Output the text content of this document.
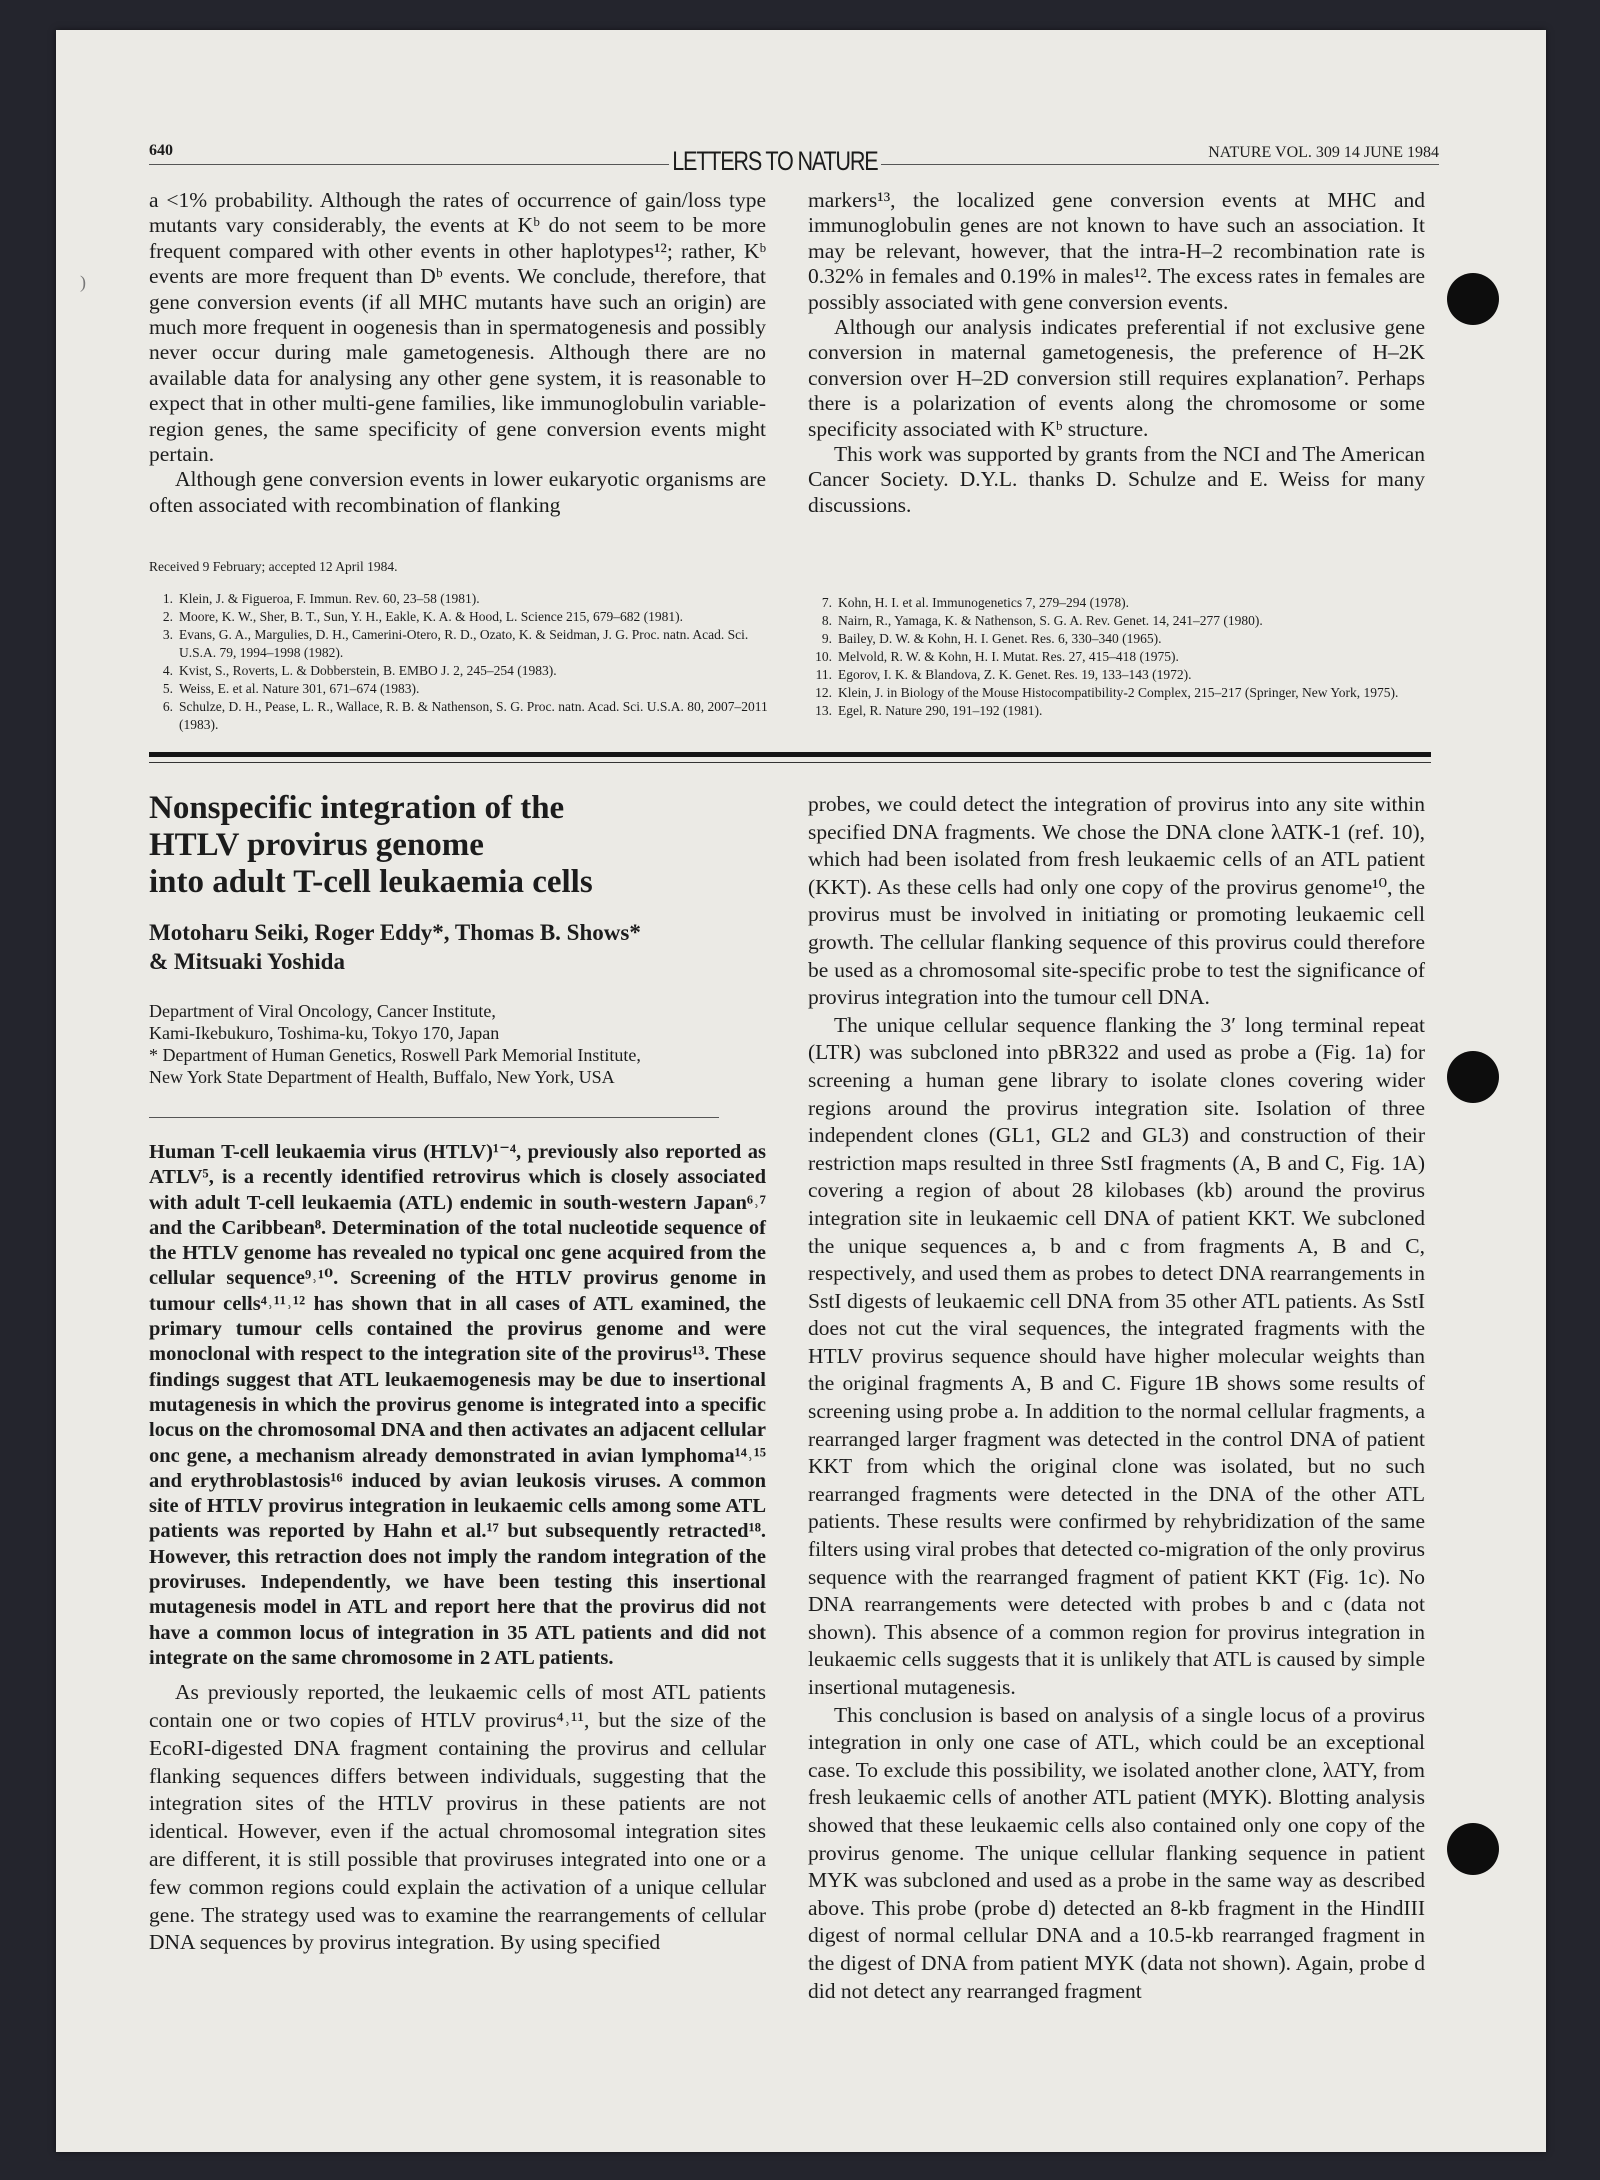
)
640	LETTERS TO NATURE	NATURE VOL. 309 14 JUNE 1984

a <1% probability. Although the rates of occurrence of gain/loss type mutants vary considerably, the events at Kᵇ do not seem to be more frequent compared with other events in other haplotypes¹²; rather, Kᵇ events are more frequent than Dᵇ events. We conclude, therefore, that gene conversion events (if all MHC mutants have such an origin) are much more frequent in oogenesis than in spermatogenesis and possibly never occur during male gametogenesis. Although there are no available data for analysing any other gene system, it is reasonable to expect that in other multi-gene families, like immunoglobulin variable-region genes, the same specificity of gene conversion events might pertain.

Although gene conversion events in lower eukaryotic organisms are often associated with recombination of flanking

markers¹³, the localized gene conversion events at MHC and immunoglobulin genes are not known to have such an association. It may be relevant, however, that the intra-H–2 recombination rate is 0.32% in females and 0.19% in males¹². The excess rates in females are possibly associated with gene conversion events.

Although our analysis indicates preferential if not exclusive gene conversion in maternal gametogenesis, the preference of H–2K conversion over H–2D conversion still requires explanation⁷. Perhaps there is a polarization of events along the chromosome or some specificity associated with Kᵇ structure.

This work was supported by grants from the NCI and The American Cancer Society. D.Y.L. thanks D. Schulze and E. Weiss for many discussions.

Received 9 February; accepted 12 April 1984.
1. Klein, J. & Figueroa, F. Immun. Rev. 60, 23–58 (1981).
2. Moore, K. W., Sher, B. T., Sun, Y. H., Eakle, K. A. & Hood, L. Science 215, 679–682 (1981).
3. Evans, G. A., Margulies, D. H., Camerini-Otero, R. D., Ozato, K. & Seidman, J. G. Proc. natn. Acad. Sci. U.S.A. 79, 1994–1998 (1982).
4. Kvist, S., Roverts, L. & Dobberstein, B. EMBO J. 2, 245–254 (1983).
5. Weiss, E. et al. Nature 301, 671–674 (1983).
6. Schulze, D. H., Pease, L. R., Wallace, R. B. & Nathenson, S. G. Proc. natn. Acad. Sci. U.S.A. 80, 2007–2011 (1983).
7. Kohn, H. I. et al. Immunogenetics 7, 279–294 (1978).
8. Nairn, R., Yamaga, K. & Nathenson, S. G. A. Rev. Genet. 14, 241–277 (1980).
9. Bailey, D. W. & Kohn, H. I. Genet. Res. 6, 330–340 (1965).
10. Melvold, R. W. & Kohn, H. I. Mutat. Res. 27, 415–418 (1975).
11. Egorov, I. K. & Blandova, Z. K. Genet. Res. 19, 133–143 (1972).
12. Klein, J. in Biology of the Mouse Histocompatibility-2 Complex, 215–217 (Springer, New York, 1975).
13. Egel, R. Nature 290, 191–192 (1981).
Nonspecific integration of the
HTLV provirus genome
into adult T-cell leukaemia cells
Motoharu Seiki, Roger Eddy*, Thomas B. Shows*
& Mitsuaki Yoshida
Department of Viral Oncology, Cancer Institute,
Kami-Ikebukuro, Toshima-ku, Tokyo 170, Japan
* Department of Human Genetics, Roswell Park Memorial Institute,
New York State Department of Health, Buffalo, New York, USA

Human T-cell leukaemia virus (HTLV)¹⁻⁴, previously also reported as ATLV⁵, is a recently identified retrovirus which is closely associated with adult T-cell leukaemia (ATL) endemic in south-western Japan⁶˒⁷ and the Caribbean⁸. Determination of the total nucleotide sequence of the HTLV genome has revealed no typical onc gene acquired from the cellular sequence⁹˒¹⁰. Screening of the HTLV provirus genome in tumour cells⁴˒¹¹˒¹² has shown that in all cases of ATL examined, the primary tumour cells contained the provirus genome and were monoclonal with respect to the integration site of the provirus¹³. These findings suggest that ATL leukaemogenesis may be due to insertional mutagenesis in which the provirus genome is integrated into a specific locus on the chromosomal DNA and then activates an adjacent cellular onc gene, a mechanism already demonstrated in avian lymphoma¹⁴˒¹⁵ and erythroblastosis¹⁶ induced by avian leukosis viruses. A common site of HTLV provirus integration in leukaemic cells among some ATL patients was reported by Hahn et al.¹⁷ but subsequently retracted¹⁸. However, this retraction does not imply the random integration of the proviruses. Independently, we have been testing this insertional mutagenesis model in ATL and report here that the provirus did not have a common locus of integration in 35 ATL patients and did not integrate on the same chromosome in 2 ATL patients.

As previously reported, the leukaemic cells of most ATL patients contain one or two copies of HTLV provirus⁴˒¹¹, but the size of the EcoRI-digested DNA fragment containing the provirus and cellular flanking sequences differs between individuals, suggesting that the integration sites of the HTLV provirus in these patients are not identical. However, even if the actual chromosomal integration sites are different, it is still possible that proviruses integrated into one or a few common regions could explain the activation of a unique cellular gene. The strategy used was to examine the rearrangements of cellular DNA sequences by provirus integration. By using specified

probes, we could detect the integration of provirus into any site within specified DNA fragments. We chose the DNA clone λATK-1 (ref. 10), which had been isolated from fresh leukaemic cells of an ATL patient (KKT). As these cells had only one copy of the provirus genome¹⁰, the provirus must be involved in initiating or promoting leukaemic cell growth. The cellular flanking sequence of this provirus could therefore be used as a chromosomal site-specific probe to test the significance of provirus integration into the tumour cell DNA.

The unique cellular sequence flanking the 3′ long terminal repeat (LTR) was subcloned into pBR322 and used as probe a (Fig. 1a) for screening a human gene library to isolate clones covering wider regions around the provirus integration site. Isolation of three independent clones (GL1, GL2 and GL3) and construction of their restriction maps resulted in three SstI fragments (A, B and C, Fig. 1A) covering a region of about 28 kilobases (kb) around the provirus integration site in leukaemic cell DNA of patient KKT. We subcloned the unique sequences a, b and c from fragments A, B and C, respectively, and used them as probes to detect DNA rearrangements in SstI digests of leukaemic cell DNA from 35 other ATL patients. As SstI does not cut the viral sequences, the integrated fragments with the HTLV provirus sequence should have higher molecular weights than the original fragments A, B and C. Figure 1B shows some results of screening using probe a. In addition to the normal cellular fragments, a rearranged larger fragment was detected in the control DNA of patient KKT from which the original clone was isolated, but no such rearranged fragments were detected in the DNA of the other ATL patients. These results were confirmed by rehybridization of the same filters using viral probes that detected co-migration of the only provirus sequence with the rearranged fragment of patient KKT (Fig. 1c). No DNA rearrangements were detected with probes b and c (data not shown). This absence of a common region for provirus integration in leukaemic cells suggests that it is unlikely that ATL is caused by simple insertional mutagenesis.

This conclusion is based on analysis of a single locus of a provirus integration in only one case of ATL, which could be an exceptional case. To exclude this possibility, we isolated another clone, λATY, from fresh leukaemic cells of another ATL patient (MYK). Blotting analysis showed that these leukaemic cells also contained only one copy of the provirus genome. The unique cellular flanking sequence in patient MYK was subcloned and used as a probe in the same way as described above. This probe (probe d) detected an 8-kb fragment in the HindIII digest of normal cellular DNA and a 10.5-kb rearranged fragment in the digest of DNA from patient MYK (data not shown). Again, probe d did not detect any rearranged fragment
